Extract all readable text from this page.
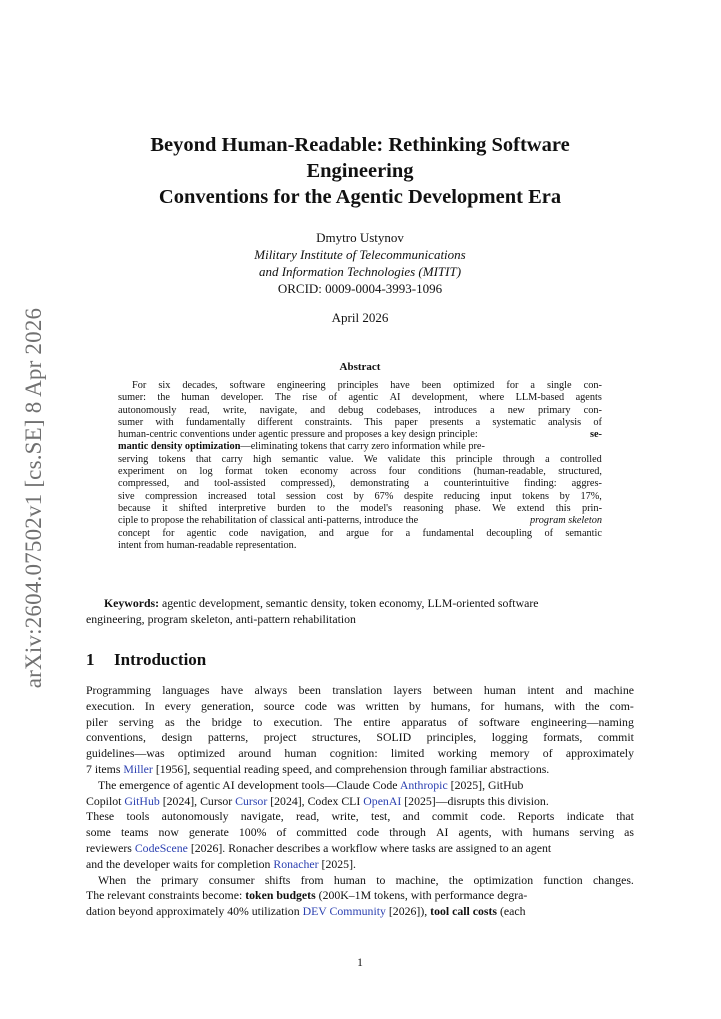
arXiv:2604.07502v1 [cs.SE] 8 Apr 2026
Beyond Human-Readable: Rethinking Software
Engineering
Conventions for the Agentic Development Era
Dmytro Ustynov
Military Institute of Telecommunications
and Information Technologies (MITIT)
ORCID: 0009-0004-3993-1096
April 2026
Abstract
For six decades, software engineering principles have been optimized for a single con-
sumer: the human developer. The rise of agentic AI development, where LLM-based agents
autonomously read, write, navigate, and debug codebases, introduces a new primary con-
sumer with fundamentally different constraints. This paper presents a systematic analysis of
human-centric conventions under agentic pressure and proposes a key design principle:	se-
mantic density optimization—eliminating tokens that carry zero information while pre-
serving tokens that carry high semantic value. We validate this principle through a controlled
experiment on log format token economy across four conditions (human-readable, structured,
compressed, and tool-assisted compressed), demonstrating a counterintuitive finding: aggres-
sive compression increased total session cost by 67% despite reducing input tokens by 17%,
because it shifted interpretive burden to the model's reasoning phase. We extend this prin-
ciple to propose the rehabilitation of classical anti-patterns, introduce the	program skeleton
concept for agentic code navigation, and argue for a fundamental decoupling of semantic
intent from human-readable representation.
Keywords: agentic development, semantic density, token economy, LLM-oriented software
engineering, program skeleton, anti-pattern rehabilitation
1 Introduction
Programming languages have always been translation layers between human intent and machine
execution. In every generation, source code was written by humans, for humans, with the com-
piler serving as the bridge to execution. The entire apparatus of software engineering—naming
conventions, design patterns, project structures, SOLID principles, logging formats, commit
guidelines—was optimized around human cognition: limited working memory of approximately
7 items Miller [1956], sequential reading speed, and comprehension through familiar abstractions.
The emergence of agentic AI development tools—Claude Code Anthropic [2025], GitHub
Copilot GitHub [2024], Cursor Cursor [2024], Codex CLI OpenAI [2025]—disrupts this division.
These tools autonomously navigate, read, write, test, and commit code. Reports indicate that
some teams now generate 100% of committed code through AI agents, with humans serving as
reviewers CodeScene [2026]. Ronacher describes a workflow where tasks are assigned to an agent
and the developer waits for completion Ronacher [2025].
When the primary consumer shifts from human to machine, the optimization function changes.
The relevant constraints become: token budgets (200K–1M tokens, with performance degra-
dation beyond approximately 40% utilization DEV Community [2026]), tool call costs (each
1
